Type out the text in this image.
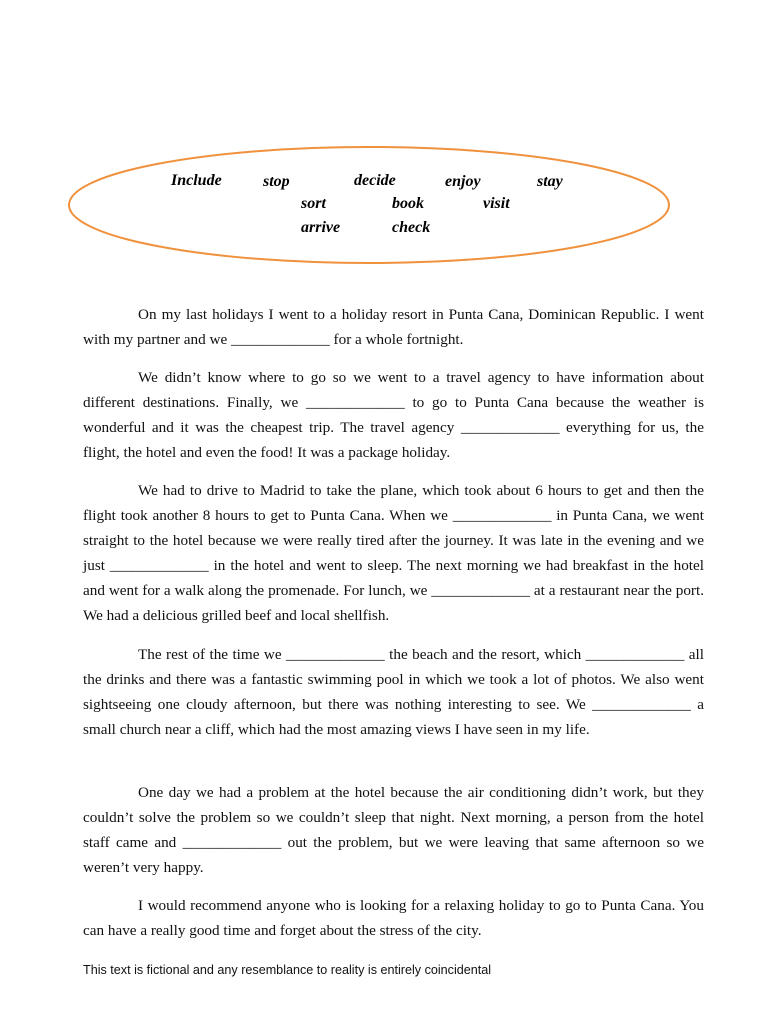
Include	stop	decide	enjoy	stay
sort	book	visit
arrive	check

On my last holidays I went to a holiday resort in Punta Cana, Dominican Republic. I went with my partner and we _____________ for a whole fortnight.

We didn’t know where to go so we went to a travel agency to have information about different destinations. Finally, we _____________ to go to Punta Cana because the weather is wonderful and it was the cheapest trip. The travel agency _____________ everything for us, the flight, the hotel and even the food! It was a package holiday.

We had to drive to Madrid to take the plane, which took about 6 hours to get and then the flight took another 8 hours to get to Punta Cana. When we _____________ in Punta Cana, we went straight to the hotel because we were really tired after the journey. It was late in the evening and we just _____________ in the hotel and went to sleep. The next morning we had breakfast in the hotel and went for a walk along the promenade. For lunch, we _____________ at a restaurant near the port. We had a delicious grilled beef and local shellfish.

The rest of the time we _____________ the beach and the resort, which _____________ all the drinks and there was a fantastic swimming pool in which we took a lot of photos. We also went sightseeing one cloudy afternoon, but there was nothing interesting to see. We _____________ a small church near a cliff, which had the most amazing views I have seen in my life.

One day we had a problem at the hotel because the air conditioning didn’t work, but they couldn’t solve the problem so we couldn’t sleep that night. Next morning, a person from the hotel staff came and _____________ out the problem, but we were leaving that same afternoon so we weren’t very happy.

I would recommend anyone who is looking for a relaxing holiday to go to Punta Cana. You can have a really good time and forget about the stress of the city.

This text is fictional and any resemblance to reality is entirely coincidental
